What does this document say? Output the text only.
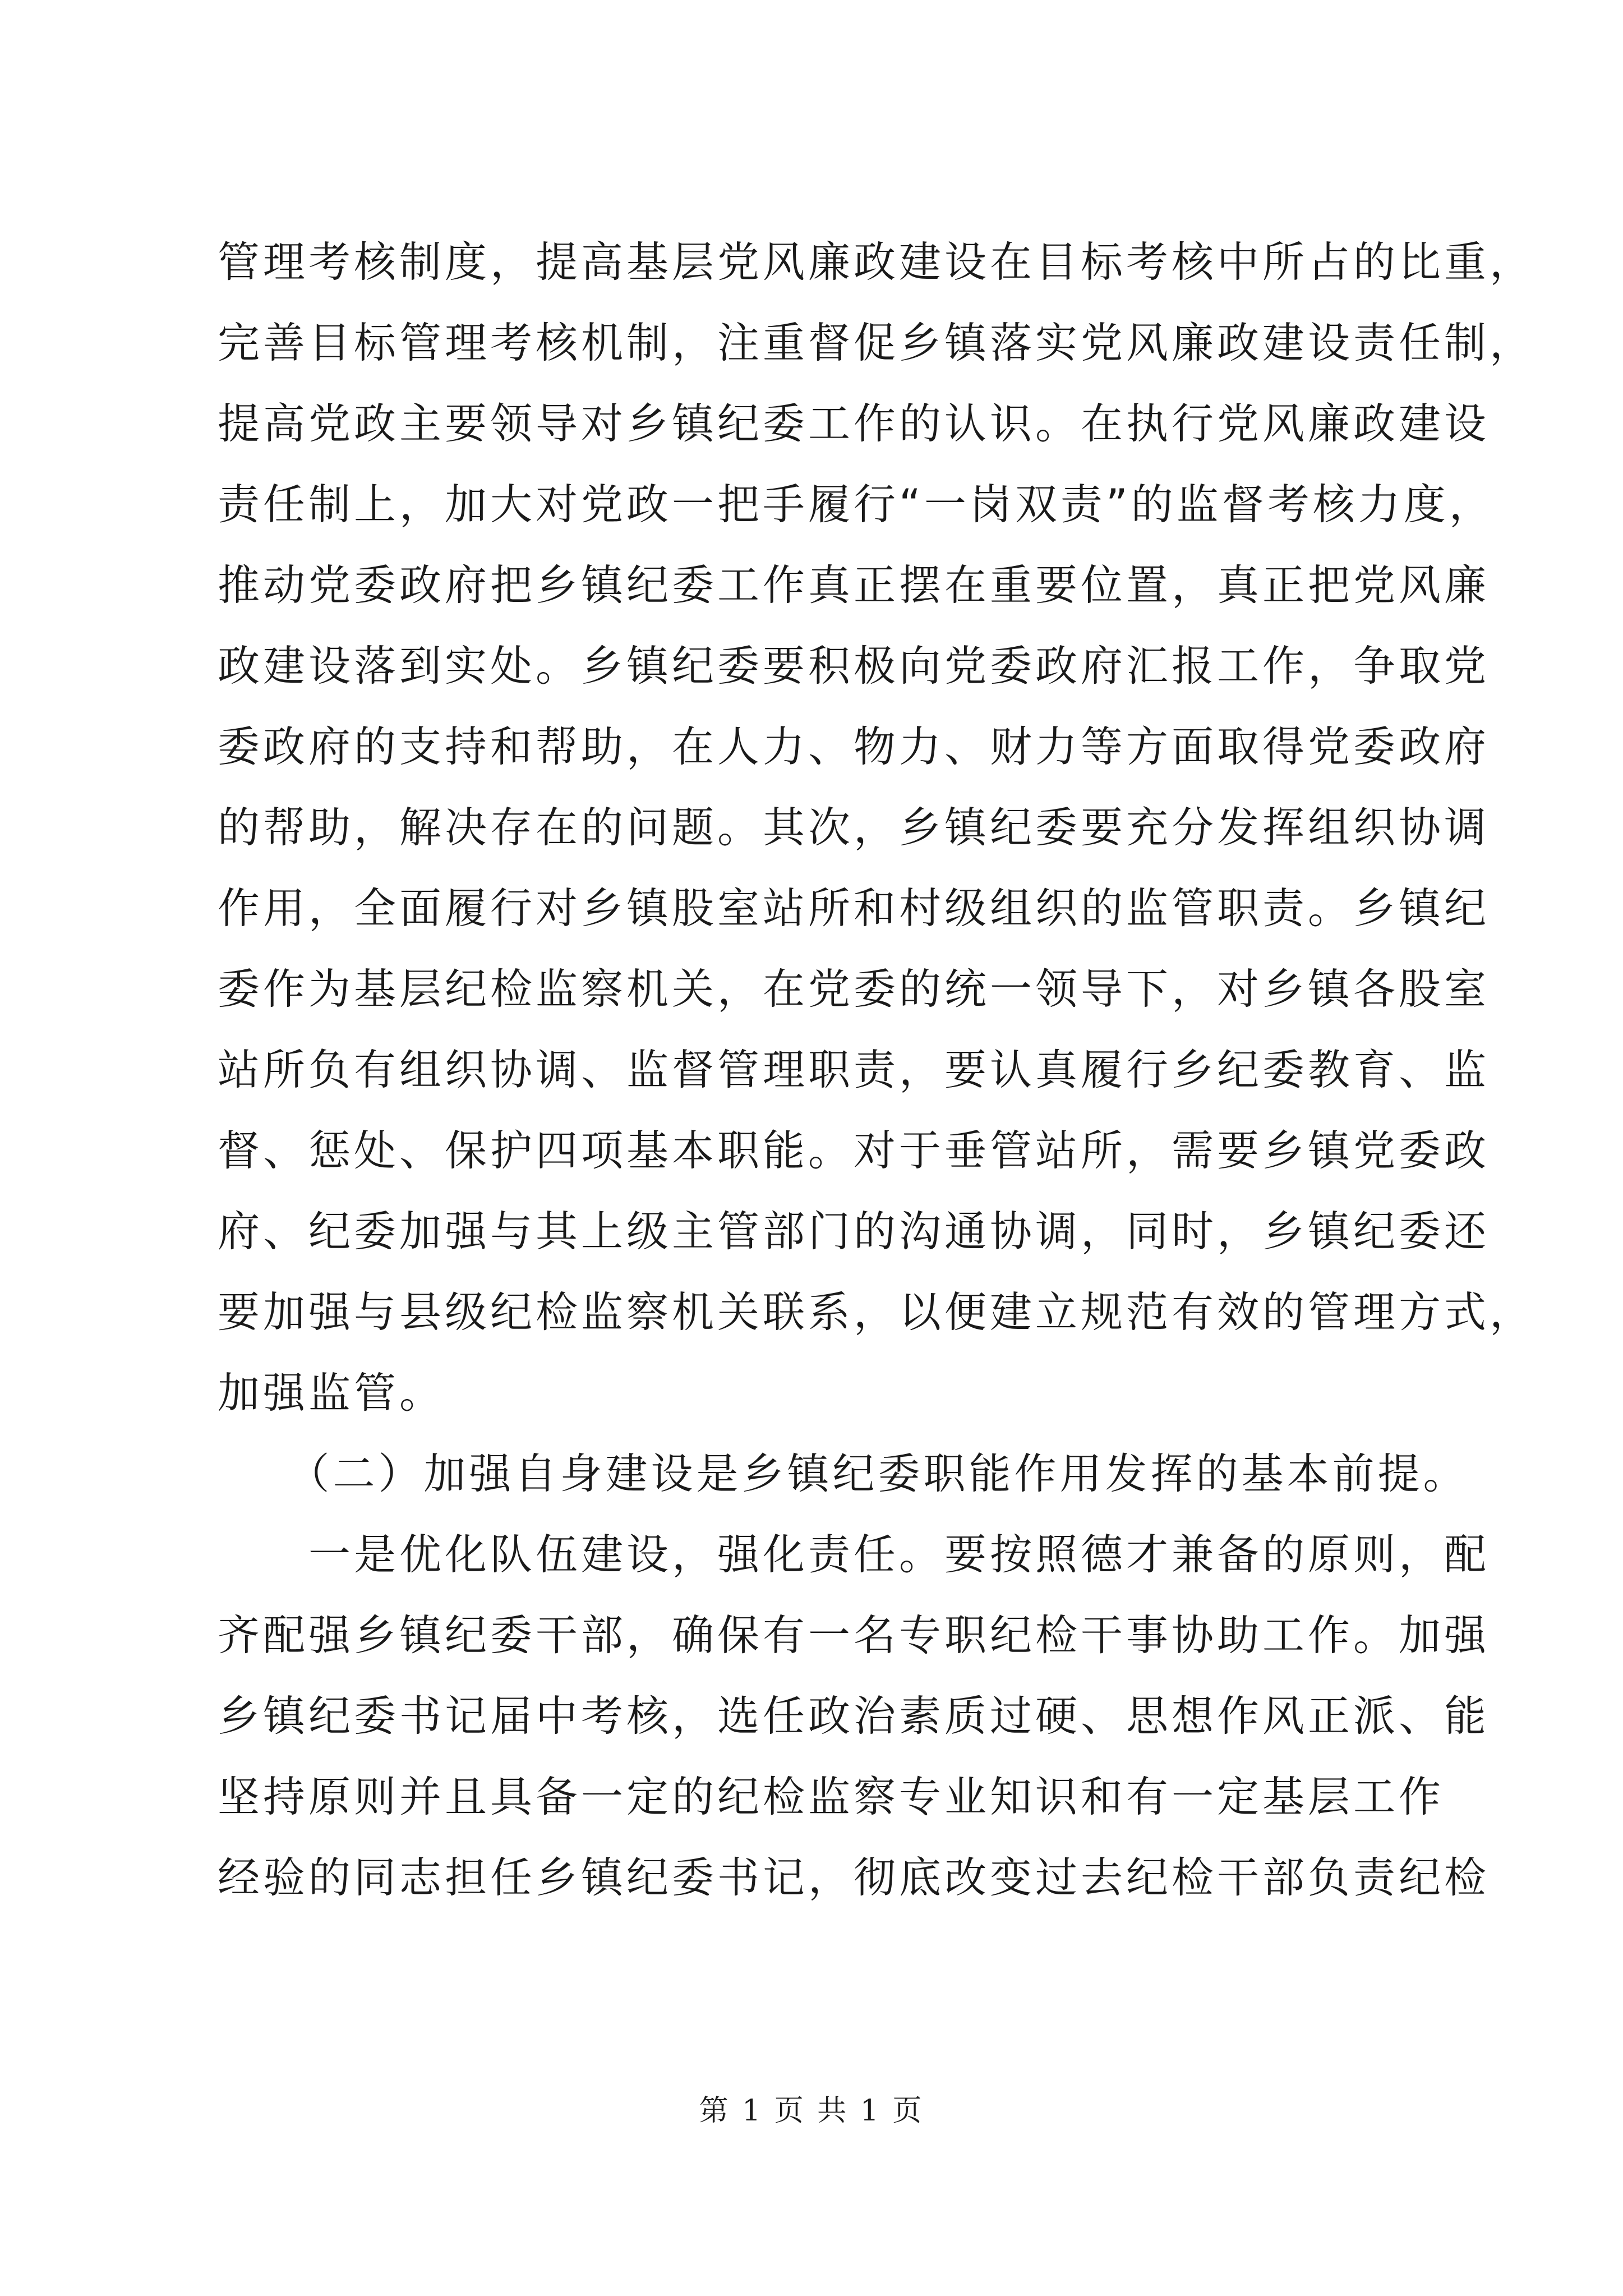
管理考核制度，提高基层党风廉政建设在目标考核中所占的比重，
完善目标管理考核机制，注重督促乡镇落实党风廉政建设责任制，
提高党政主要领导对乡镇纪委工作的认识。在执行党风廉政建设
责任制上，加大对党政一把手履行“一岗双责”的监督考核力度，
推动党委政府把乡镇纪委工作真正摆在重要位置，真正把党风廉
政建设落到实处。乡镇纪委要积极向党委政府汇报工作，争取党
委政府的支持和帮助，在人力、物力、财力等方面取得党委政府
的帮助，解决存在的问题。其次，乡镇纪委要充分发挥组织协调
作用，全面履行对乡镇股室站所和村级组织的监管职责。乡镇纪
委作为基层纪检监察机关，在党委的统一领导下，对乡镇各股室
站所负有组织协调、监督管理职责，要认真履行乡纪委教育、监
督、惩处、保护四项基本职能。对于垂管站所，需要乡镇党委政
府、纪委加强与其上级主管部门的沟通协调，同时，乡镇纪委还
要加强与县级纪检监察机关联系，以便建立规范有效的管理方式，
加强监管。
　　（二）加强自身建设是乡镇纪委职能作用发挥的基本前提。
　　一是优化队伍建设，强化责任。要按照德才兼备的原则，配
齐配强乡镇纪委干部，确保有一名专职纪检干事协助工作。加强
乡镇纪委书记届中考核，选任政治素质过硬、思想作风正派、能
坚持原则并且具备一定的纪检监察专业知识和有一定基层工作
经验的同志担任乡镇纪委书记，彻底改变过去纪检干部负责纪检
第 1 页 共 1 页
